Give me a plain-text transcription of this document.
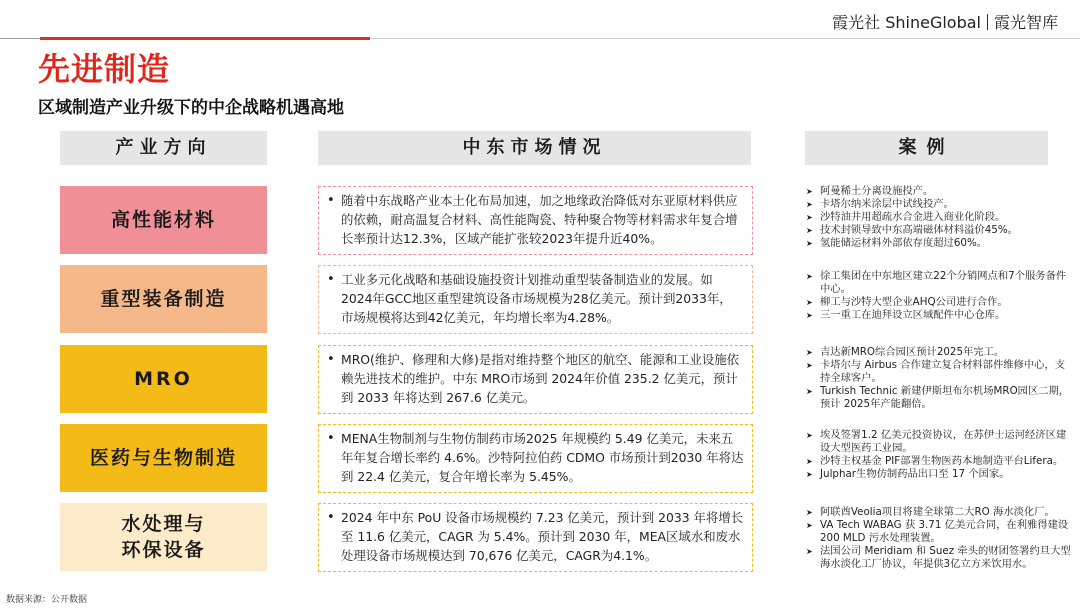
霞光社 ShineGlobal 霞光智库
先进制造
区域制造产业升级下的中企战略机遇高地
产业方向	中东市场情况	案例
高性能材料
• 随着中东战略产业本土化布局加速，加之地缘政治降低对东亚原材料供应的依赖，耐高温复合材料、高性能陶瓷、特种聚合物等材料需求年复合增长率预计达12.3%，区域产能扩张较2023年提升近40%。
➤ 阿曼稀土分离设施投产。
➤ 卡塔尔纳米涂层中试线投产。
➤ 沙特油井用超疏水合金进入商业化阶段。
➤ 技术封锁导致中东高端磁体材料溢价45%。
➤ 氢能储运材料外部依存度超过60%。
重型装备制造
• 工业多元化战略和基础设施投资计划推动重型装备制造业的发展。如2024年GCC地区重型建筑设备市场规模为28亿美元。预计到2033年，市场规模将达到42亿美元，年均增长率为4.28%。
➤ 徐工集团在中东地区建立22个分销网点和7个服务备件中心。
➤ 柳工与沙特大型企业AHQ公司进行合作。
➤ 三一重工在迪拜设立区域配件中心仓库。
MRO
• MRO(维护、修理和大修)是指对维持整个地区的航空、能源和工业设施依赖先进技术的维护。中东 MRO市场到 2024年价值 235.2 亿美元，预计到 2033 年将达到 267.6 亿美元。
➤ 吉达新MRO综合园区预计2025年完工。
➤ 卡塔尔与 Airbus 合作建立复合材料部件维修中心，支持全球客户。
➤ Turkish Technic 新建伊斯坦布尔机场MRO园区二期，预计 2025年产能翻倍。
医药与生物制造
• MENA生物制剂与生物仿制药市场2025 年规模约 5.49 亿美元，未来五年年复合增长率约 4.6%。沙特阿拉伯药 CDMO 市场预计到2030 年将达到 22.4 亿美元，复合年增长率为 5.45%。
➤ 埃及签署1.2 亿美元投资协议，在苏伊士运河经济区建设大型医药工业园。
➤ 沙特主权基金 PIF部署生物医药本地制造平台Lifera。
➤ Julphar生物仿制药品出口至 17 个国家。
水处理与
环保设备
• 2024 年中东 PoU 设备市场规模约 7.23 亿美元，预计到 2033 年将增长至 11.6 亿美元，CAGR 为 5.4%。预计到 2030 年，MEA区域水和废水处理设备市场规模达到 70,676 亿美元，CAGR为4.1%。
➤ 阿联酋Veolia项目将建全球第二大RO 海水淡化厂。
➤ VA Tech WABAG 获 3.71 亿美元合同，在利雅得建设 200 MLD 污水处理装置。
➤ 法国公司 Meridiam 和 Suez 牵头的财团签署约旦大型海水淡化工厂协议，年提供3亿立方米饮用水。
数据来源：公开数据
